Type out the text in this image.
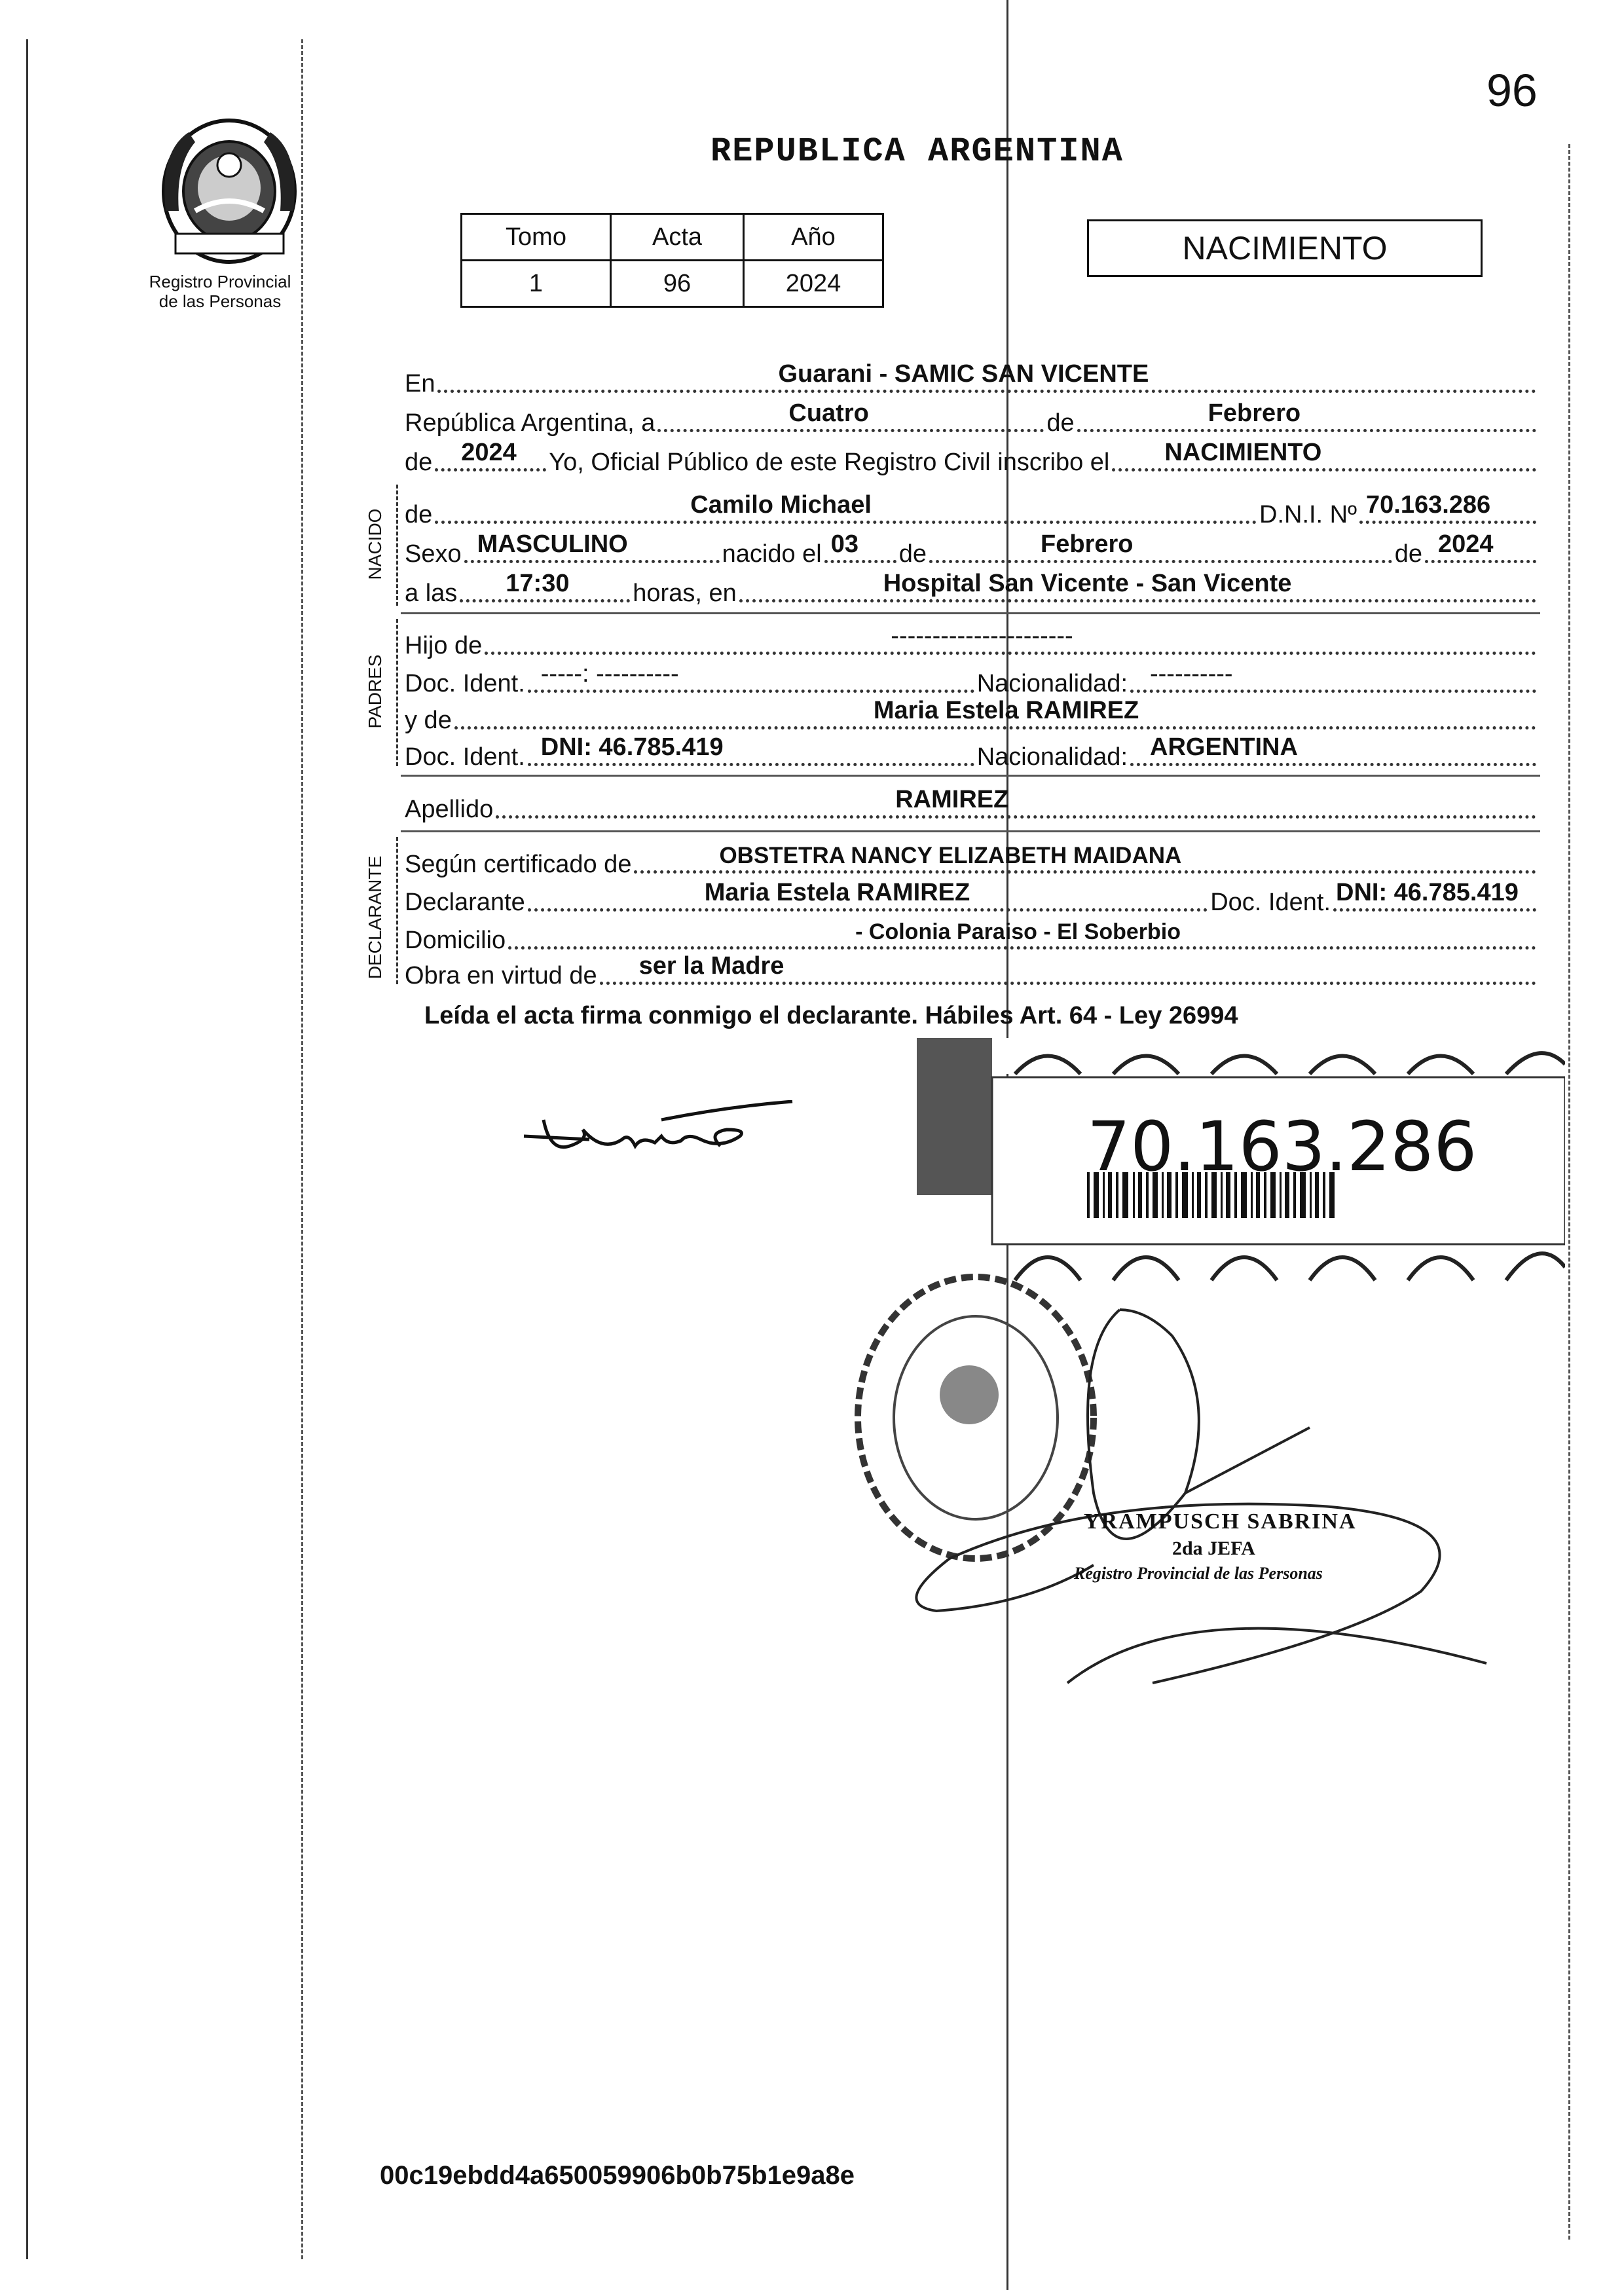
96
Registro Provincial
de las Personas
REPUBLICA ARGENTINA
Tomo	Acta	Año
1	96	2024
NACIMIENTO
En	Guarani - SAMIC SAN VICENTE
República Argentina, a	Cuatro	de	Febrero
de 2024 Yo, Oficial Público de este Registro Civil inscribo el NACIMIENTO
NACIDO de	Camilo Michael	D.N.I. Nº 70.163.286
Sexo MASCULINO	nacido el 03 de	Febrero	de 2024
a las 17:30	horas, en	Hospital San Vicente - San Vicente
PADRES
Hijo de	----------------------
Doc. Ident. -----: ----------	Nacionalidad: ----------
y de	Maria Estela RAMIREZ
Doc. Ident. DNI: 46.785.419	Nacionalidad: ARGENTINA
Apellido	RAMIREZ
DECLARANTE Según certificado de	OBSTETRA NANCY ELIZABETH MAIDANA
Declarante	Maria Estela RAMIREZ	Doc. Ident. DNI: 46.785.419
Domicilio	- Colonia Paraiso - El Soberbio
Obra en virtud de ser la Madre
Leída el acta firma conmigo el declarante. Hábiles Art. 64 - Ley 26994
70.163.286
YRAMPUSCH SABRINA
2da JEFA
Registro Provincial de las Personas
00c19ebdd4a650059906b0b75b1e9a8e
